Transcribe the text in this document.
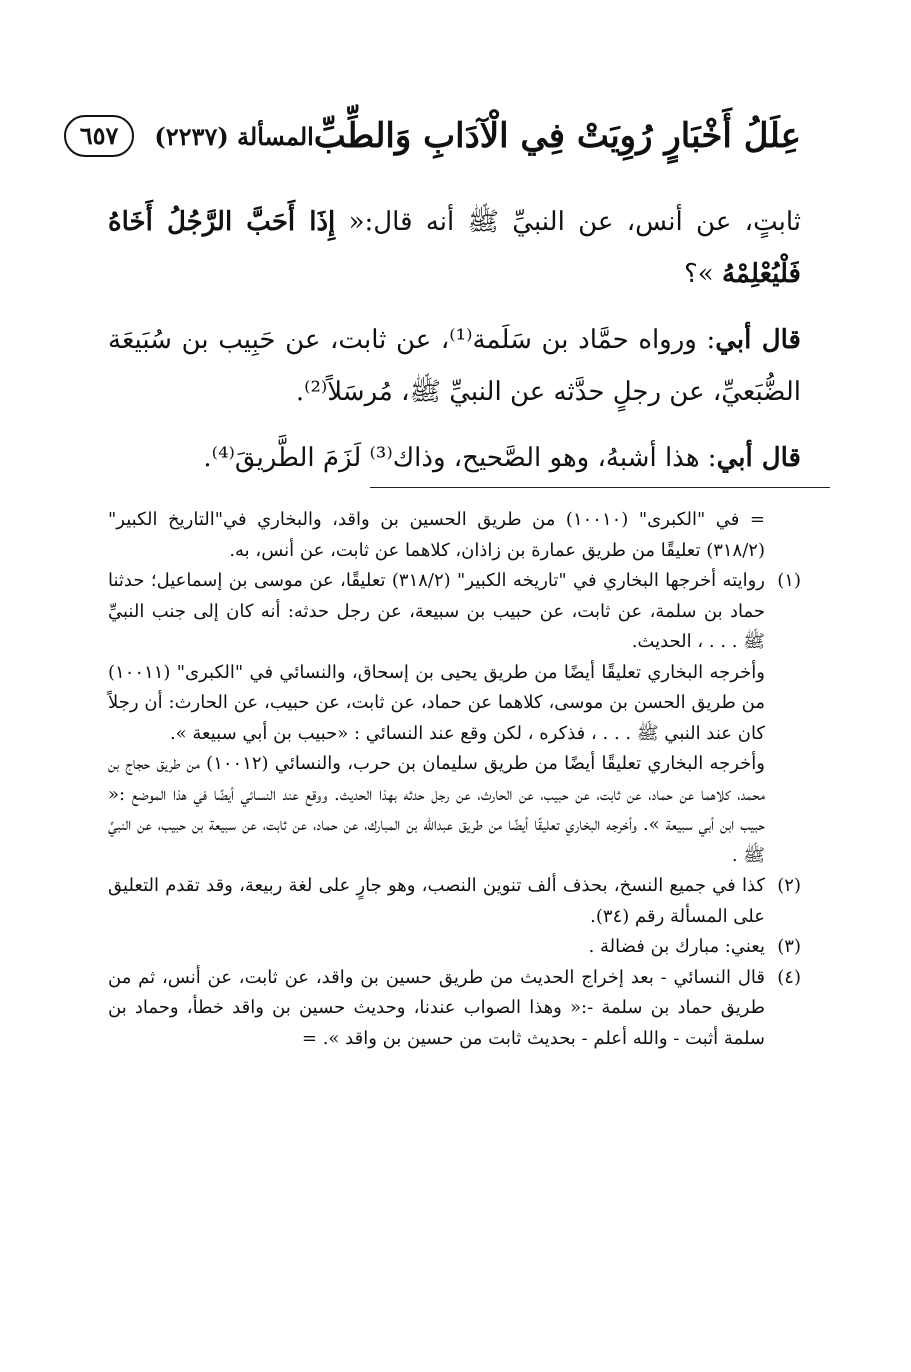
عِلَلُ أَخْبَارٍ رُوِيَتْ فِي الْآدَابِ وَالطِّبِّ
المسألة (٢٢٣٧)
٦٥٧

ثابتٍ، عن أنس، عن النبيِّ ﷺ أنه قال:« إِذَا أَحَبَّ الرَّجُلُ أَخَاهُ فَلْيُعْلِمْهُ »؟

قال أبي: ورواه حمَّاد بن سَلَمة⁽¹⁾، عن ثابت، عن حَبِيب بن سُبَيعَة الضُّبَعيِّ، عن رجلٍ حدَّثه عن النبيِّ ﷺ، مُرسَلاً⁽²⁾.

قال أبي: هذا أشبهُ، وهو الصَّحيح، وذاك⁽³⁾ لَزَمَ الطَّريقَ⁽⁴⁾.

= في "الكبرى" (١٠٠١٠) من طريق الحسين بن واقد، والبخاري في"التاريخ الكبير" (٣١٨/٢) تعليقًا من طريق عمارة بن زاذان، كلاهما عن ثابت، عن أنس، به.

(١)

روايته أخرجها البخاري في "تاريخه الكبير" (٣١٨/٢) تعليقًا، عن موسى بن إسماعيل؛ حدثنا حماد بن سلمة، عن ثابت، عن حبيب بن سبيعة، عن رجل حدثه: أنه كان إلى جنب النبيِّ ﷺ . . . ، الحديث.

وأخرجه البخاري تعليقًا أيضًا من طريق يحيى بن إسحاق، والنسائي في "الكبرى" (١٠٠١١) من طريق الحسن بن موسى، كلاهما عن حماد، عن ثابت، عن حبيب، عن الحارث: أن رجلاً كان عند النبي ﷺ . . . ، فذكره ، لكن وقع عند النسائي : «حبيب بن أبي سبيعة ».

وأخرجه البخاري تعليقًا أيضًا من طريق سليمان بن حرب، والنسائي (١٠٠١٢) من طريق حجاج بن محمد، كلاهما عن حماد، عن ثابت، عن حبيب، عن الحارث، عن رجل حدثه بهذا الحديث. ووقع عند النسائي أيضًا في هذا الموضع :« حبيب ابن أبي سبيعة ». وأخرجه البخاري تعليقًا أيضًا من طريق عبدالله بن المبارك، عن حماد، عن ثابت، عن سبيعة بن حبيب، عن النبيِّ ﷺ .

(٢)

كذا في جميع النسخ، بحذف ألف تنوين النصب، وهو جارٍ على لغة ربيعة، وقد تقدم التعليق على المسألة رقم (٣٤).

(٣)

يعني: مبارك بن فضالة .

(٤)

قال النسائي - بعد إخراج الحديث من طريق حسين بن واقد، عن ثابت، عن أنس، ثم من طريق حماد بن سلمة -:« وهذا الصواب عندنا، وحديث حسين بن واقد خطأ، وحماد بن سلمة أثبت - والله أعلم - بحديث ثابت من حسين بن واقد ». =
